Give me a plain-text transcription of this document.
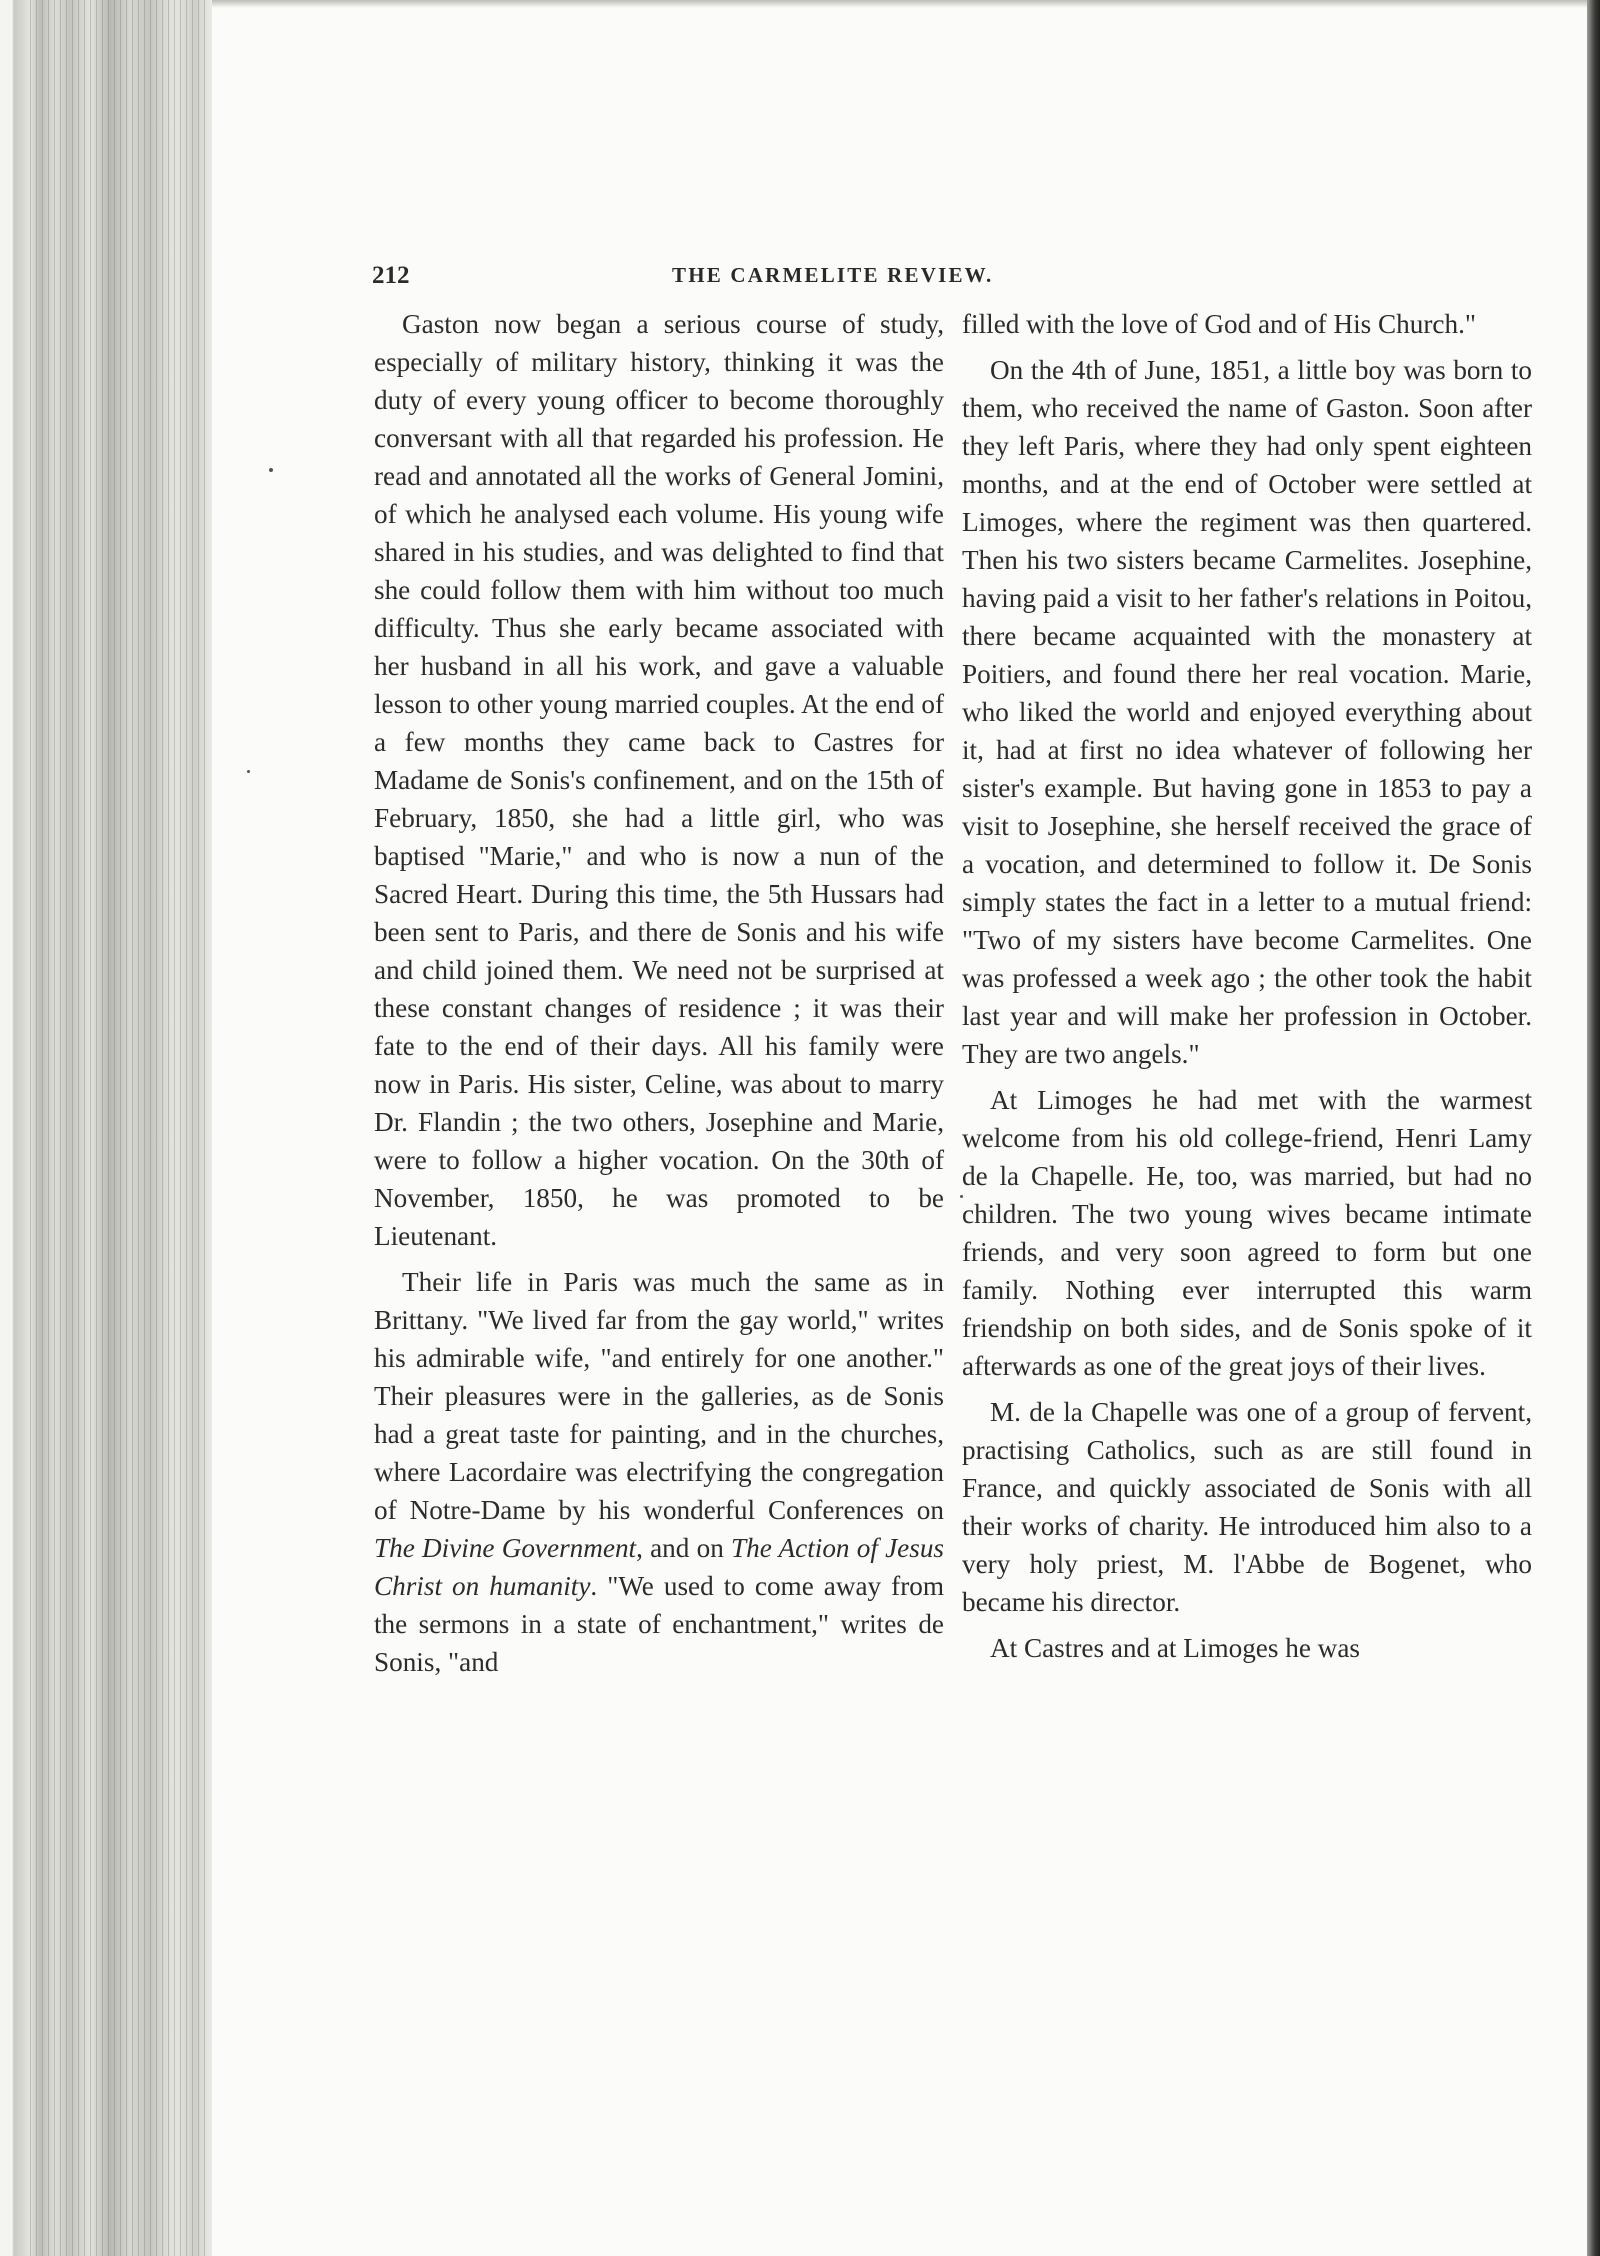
212	THE CARMELITE REVIEW.

Gaston now began a serious course of study, especially of military history, thinking it was the duty of every young officer to become thoroughly conversant with all that regarded his profession. He read and annotated all the works of General Jomini, of which he analysed each volume. His young wife shared in his studies, and was delighted to find that she could follow them with him without too much difficulty. Thus she early became associated with her husband in all his work, and gave a valuable lesson to other young married couples. At the end of a few months they came back to Castres for Madame de Sonis's confinement, and on the 15th of February, 1850, she had a little girl, who was baptised "Marie," and who is now a nun of the Sacred Heart. During this time, the 5th Hussars had been sent to Paris, and there de Sonis and his wife and child joined them. We need not be surprised at these constant changes of residence ; it was their fate to the end of their days. All his family were now in Paris. His sister, Celine, was about to marry Dr. Flandin ; the two others, Josephine and Marie, were to follow a higher vocation. On the 30th of November, 1850, he was promoted to be Lieutenant.

Their life in Paris was much the same as in Brittany. "We lived far from the gay world," writes his admirable wife, "and entirely for one another." Their pleasures were in the galleries, as de Sonis had a great taste for painting, and in the churches, where Lacordaire was electrifying the congregation of Notre-Dame by his wonderful Conferences on The Divine Government, and on The Action of Jesus Christ on humanity. "We used to come away from the sermons in a state of enchantment," writes de Sonis, "and

filled with the love of God and of His Church."

On the 4th of June, 1851, a little boy was born to them, who received the name of Gaston. Soon after they left Paris, where they had only spent eighteen months, and at the end of October were settled at Limoges, where the regiment was then quartered. Then his two sisters became Carmelites. Josephine, having paid a visit to her father's relations in Poitou, there became acquainted with the monastery at Poitiers, and found there her real vocation. Marie, who liked the world and enjoyed everything about it, had at first no idea whatever of following her sister's example. But having gone in 1853 to pay a visit to Josephine, she herself received the grace of a vocation, and determined to follow it. De Sonis simply states the fact in a letter to a mutual friend: "Two of my sisters have become Carmelites. One was professed a week ago ; the other took the habit last year and will make her profession in October. They are two angels."

At Limoges he had met with the warmest welcome from his old college-friend, Henri Lamy de la Chapelle. He, too, was married, but had no children. The two young wives became intimate friends, and very soon agreed to form but one family. Nothing ever interrupted this warm friendship on both sides, and de Sonis spoke of it afterwards as one of the great joys of their lives.

M. de la Chapelle was one of a group of fervent, practising Catholics, such as are still found in France, and quickly associated de Sonis with all their works of charity. He introduced him also to a very holy priest, M. l'Abbe de Bogenet, who became his director.

At Castres and at Limoges he was
